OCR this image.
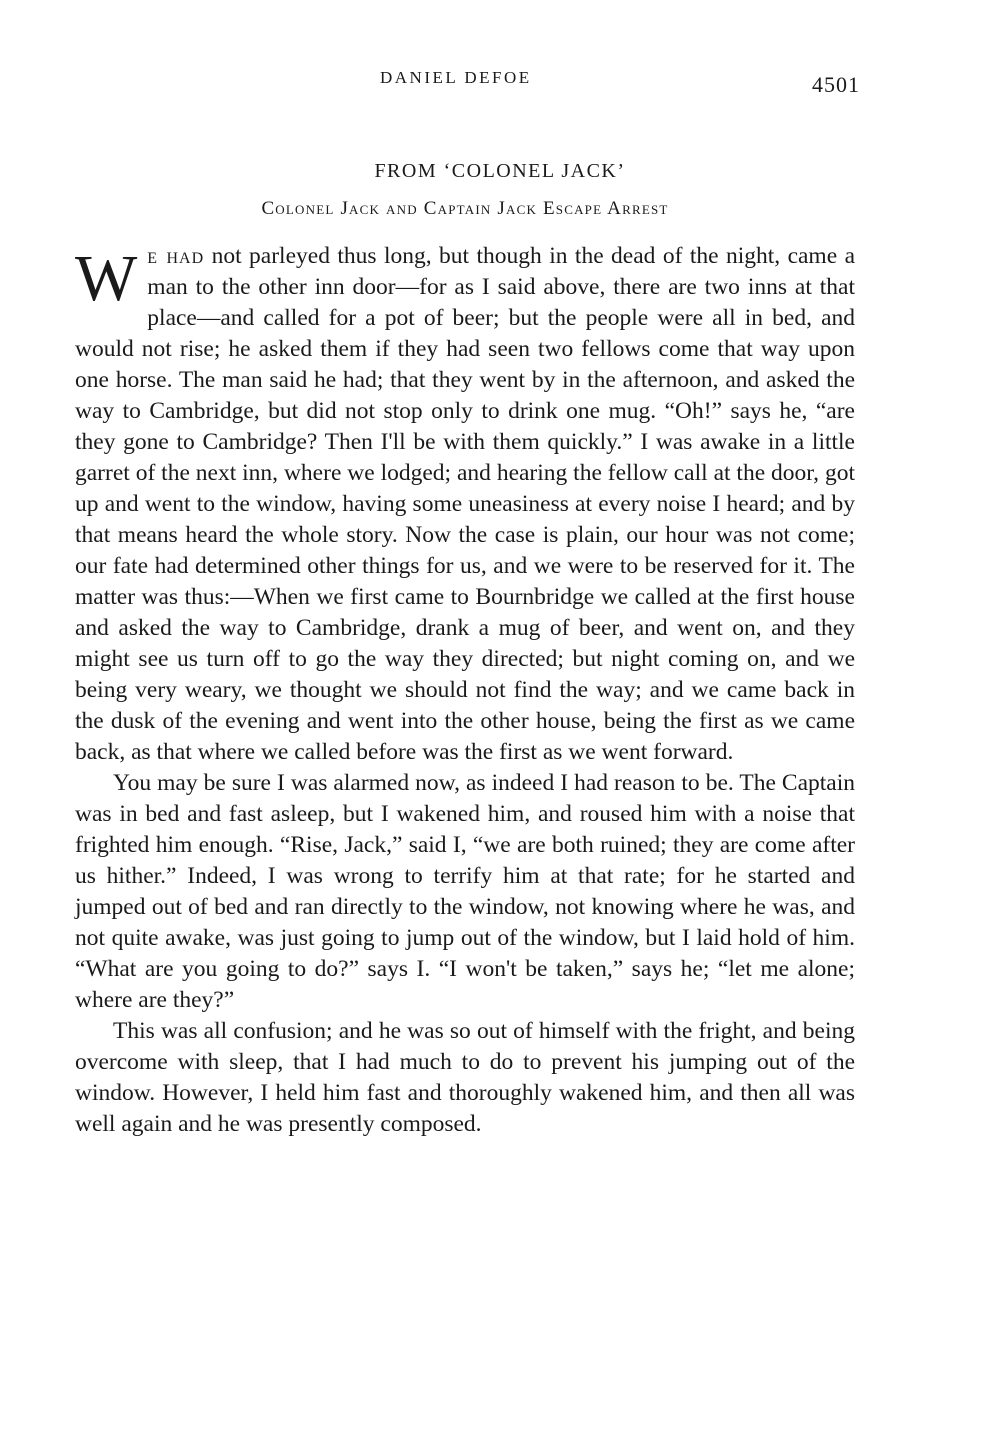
DANIEL DEFOE	4501
FROM ‘COLONEL JACK’
Colonel Jack and Captain Jack Escape Arrest

We had not parleyed thus long, but though in the dead of the night, came a man to the other inn door—for as I said above, there are two inns at that place—and called for a pot of beer; but the people were all in bed, and would not rise; he asked them if they had seen two fellows come that way upon one horse. The man said he had; that they went by in the afternoon, and asked the way to Cambridge, but did not stop only to drink one mug. “Oh!” says he, “are they gone to Cambridge? Then I'll be with them quickly.” I was awake in a little garret of the next inn, where we lodged; and hearing the fellow call at the door, got up and went to the window, having some uneasiness at every noise I heard; and by that means heard the whole story. Now the case is plain, our hour was not come; our fate had determined other things for us, and we were to be reserved for it. The matter was thus:—When we first came to Bournbridge we called at the first house and asked the way to Cambridge, drank a mug of beer, and went on, and they might see us turn off to go the way they directed; but night coming on, and we being very weary, we thought we should not find the way; and we came back in the dusk of the evening and went into the other house, being the first as we came back, as that where we called before was the first as we went forward.

You may be sure I was alarmed now, as indeed I had reason to be. The Captain was in bed and fast asleep, but I wakened him, and roused him with a noise that frighted him enough. “Rise, Jack,” said I, “we are both ruined; they are come after us hither.” Indeed, I was wrong to terrify him at that rate; for he started and jumped out of bed and ran directly to the window, not knowing where he was, and not quite awake, was just going to jump out of the window, but I laid hold of him. “What are you going to do?” says I. “I won't be taken,” says he; “let me alone; where are they?”

This was all confusion; and he was so out of himself with the fright, and being overcome with sleep, that I had much to do to prevent his jumping out of the window. However, I held him fast and thoroughly wakened him, and then all was well again and he was presently composed.
